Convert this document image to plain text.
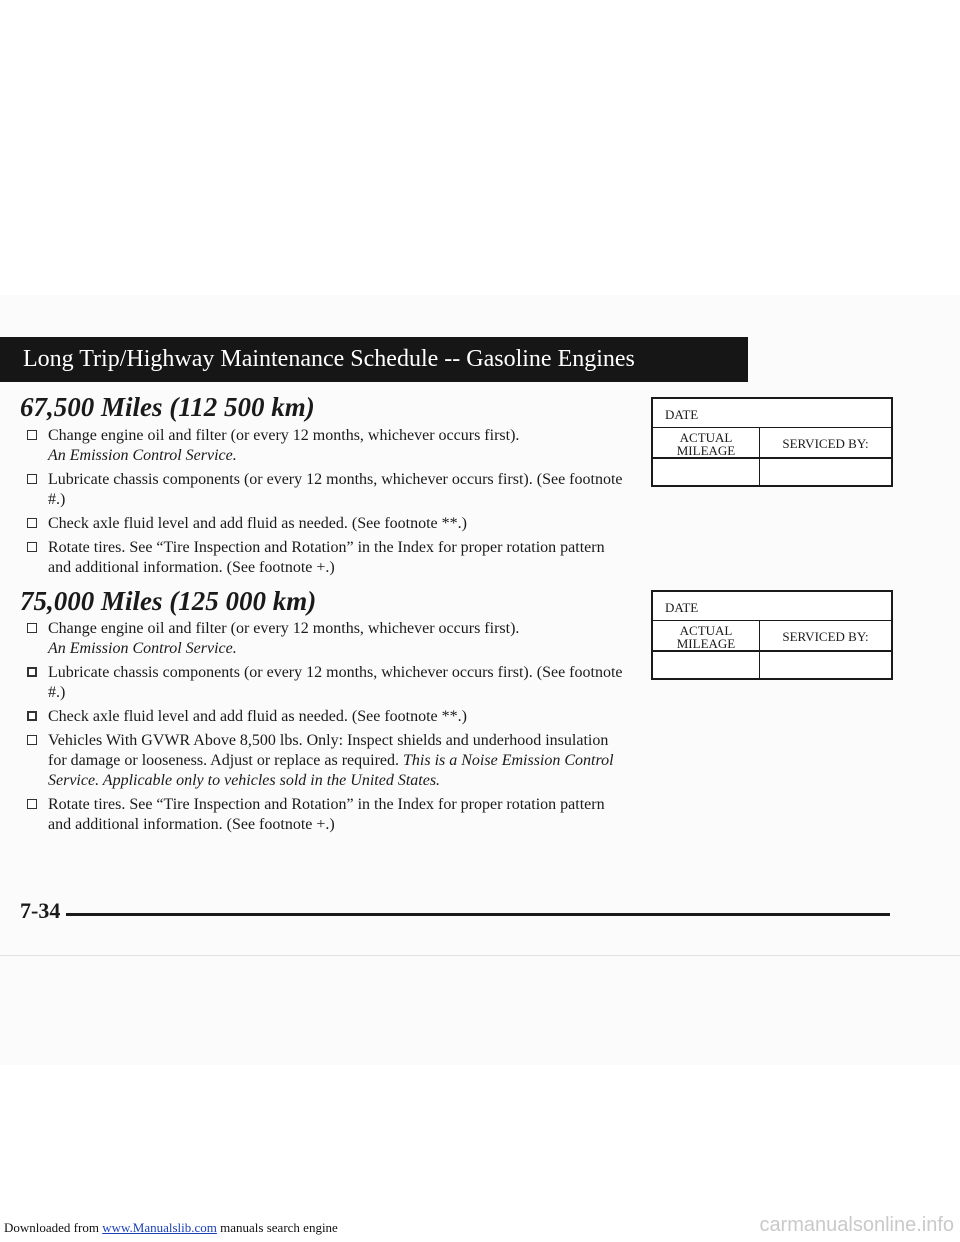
Long Trip/Highway Maintenance Schedule -- Gasoline Engines
67,500 Miles (112 500 km)
Change engine oil and filter (or every 12 months, whichever occurs first).
An Emission Control Service.
Lubricate chassis components (or every 12 months, whichever occurs first). (See footnote #.)
Check axle fluid level and add fluid as needed. (See footnote **.)
Rotate tires. See “Tire Inspection and Rotation” in the Index for proper rotation pattern and additional information. (See footnote +.)
DATE
ACTUAL
MILEAGE	SERVICED BY:
75,000 Miles (125 000 km)
Change engine oil and filter (or every 12 months, whichever occurs first).
An Emission Control Service.
Lubricate chassis components (or every 12 months, whichever occurs first). (See footnote #.)
Check axle fluid level and add fluid as needed. (See footnote **.)
Vehicles With GVWR Above 8,500 lbs. Only: Inspect shields and underhood insulation for damage or looseness. Adjust or replace as required. This is a Noise Emission Control Service. Applicable only to vehicles sold in the United States.
Rotate tires. See “Tire Inspection and Rotation” in the Index for proper rotation pattern and additional information. (See footnote +.)
DATE
ACTUAL
MILEAGE	SERVICED BY:
7-34
Downloaded from www.Manualslib.com manuals search engine	carmanualsonline.info
